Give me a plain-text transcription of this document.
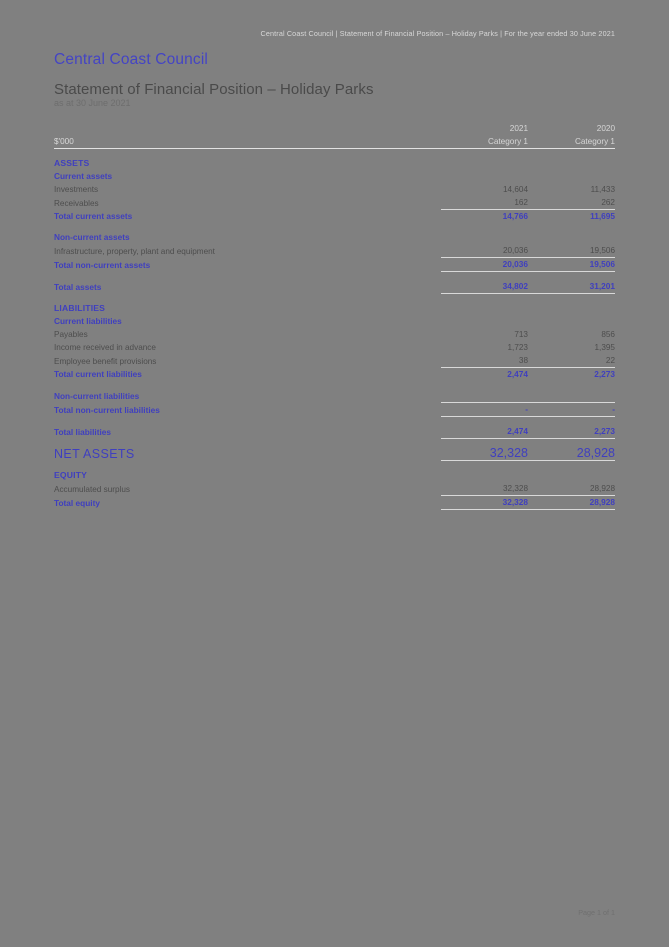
Central Coast Council | Statement of Financial Position – Holiday Parks | For the year ended 30 June 2021
Central Coast Council
Statement of Financial Position – Holiday Parks
as at 30 June 2021
	2021	2020
$'000	Category 1	Category 1

ASSETS		
Current assets		
Investments	14,604	11,433
Receivables	162	262
Total current assets	14,766	11,695

Non-current assets		
Infrastructure, property, plant and equipment	20,036	19,506
Total non-current assets	20,036	19,506

Total assets	34,802	31,201

LIABILITIES		
Current liabilities		
Payables	713	856
Income received in advance	1,723	1,395
Employee benefit provisions	38	22
Total current liabilities	2,474	2,273

Non-current liabilities		
Total non-current liabilities	-	-

Total liabilities	2,474	2,273

NET ASSETS	32,328	28,928

EQUITY		
Accumulated surplus	32,328	28,928
Total equity	32,328	28,928
Page 1 of 1
